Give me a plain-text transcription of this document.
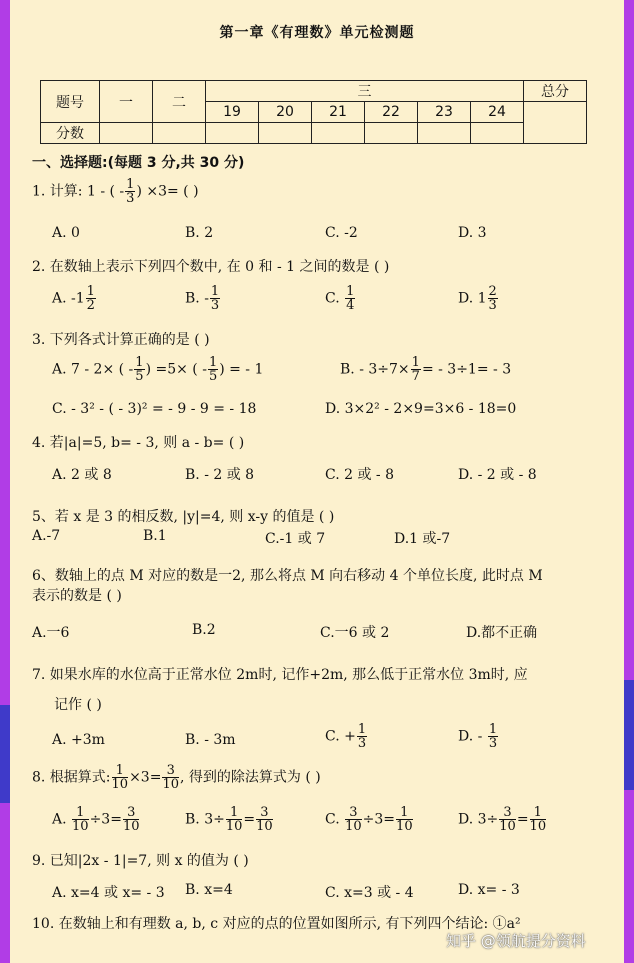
第一章《有理数》单元检测题
题号	一	二	三						总分
			19	20	21	22	23	24	
分数									
一、选择题:(每题 3 分,共 30 分)
1. 计算: 1 - ( - $\frac{1}{3}$ ) ×3= ( )
A. 0	B. 2	C. -2	D. 3
2. 在数轴上表示下列四个数中, 在 0 和 - 1 之间的数是 ( )
A. $-1 \frac{1}{2}$	B. - $\frac{1}{3}$	C. $\frac{1}{4}$	D. $1 \frac{2}{3}$
3. 下列各式计算正确的是 ( )
A. 7 - 2× ( - $\frac{1}{5}$ ) =5× ( - $\frac{1}{5}$ ) = - 1	B. - $3\div 7\times \frac{1}{7}$ = - 3÷1= - 3
C. - 3² - ( - 3)² = - 9 - 9 = - 18	D. 3×2² - 2×9=3×6 - 18=0
4. 若|a|=5, b= - 3, 则 a - b= ( )
A. 2 或 8	B. - 2 或 8	C. 2 或 - 8	D. - 2 或 - 8
5、若 x 是 3 的相反数, |y|=4, 则 x-y 的值是 ( )
A.-7	B.1	C.-1 或 7	D.1 或-7
6、数轴上的点 M 对应的数是一2, 那么将点 M 向右移动 4 个单位长度, 此时点 M
表示的数是 ( )
A.一6	B.2	C.一6 或 2	D.都不正确
7. 如果水库的水位高于正常水位 2m时, 记作+2m, 那么低于正常水位 3m时, 应
记作 ( )
A. +3m	B. - 3m	C. + $\frac{1}{3}$	D. - $\frac{1}{3}$
8. 根据算式: $\frac{1}{10} \times 3= \frac{3}{10}$ , 得到的除法算式为 ( )
A. $\frac{1}{10} \div 3= \frac{3}{10}$	B. $3\div \frac{1}{10} = \frac{3}{10}$	C. $\frac{3}{10} \div 3= \frac{1}{10}$	D. $3\div \frac{3}{10} = \frac{1}{10}$
9. 已知|2x - 1|=7, 则 x 的值为 ( )
A. x=4 或 x= - 3 B. x=4	C. x=3 或 - 4	D. x= - 3
10. 在数轴上和有理数 a, b, c 对应的点的位置如图所示, 有下列四个结论: ①a²
知乎 @领航提分资料
